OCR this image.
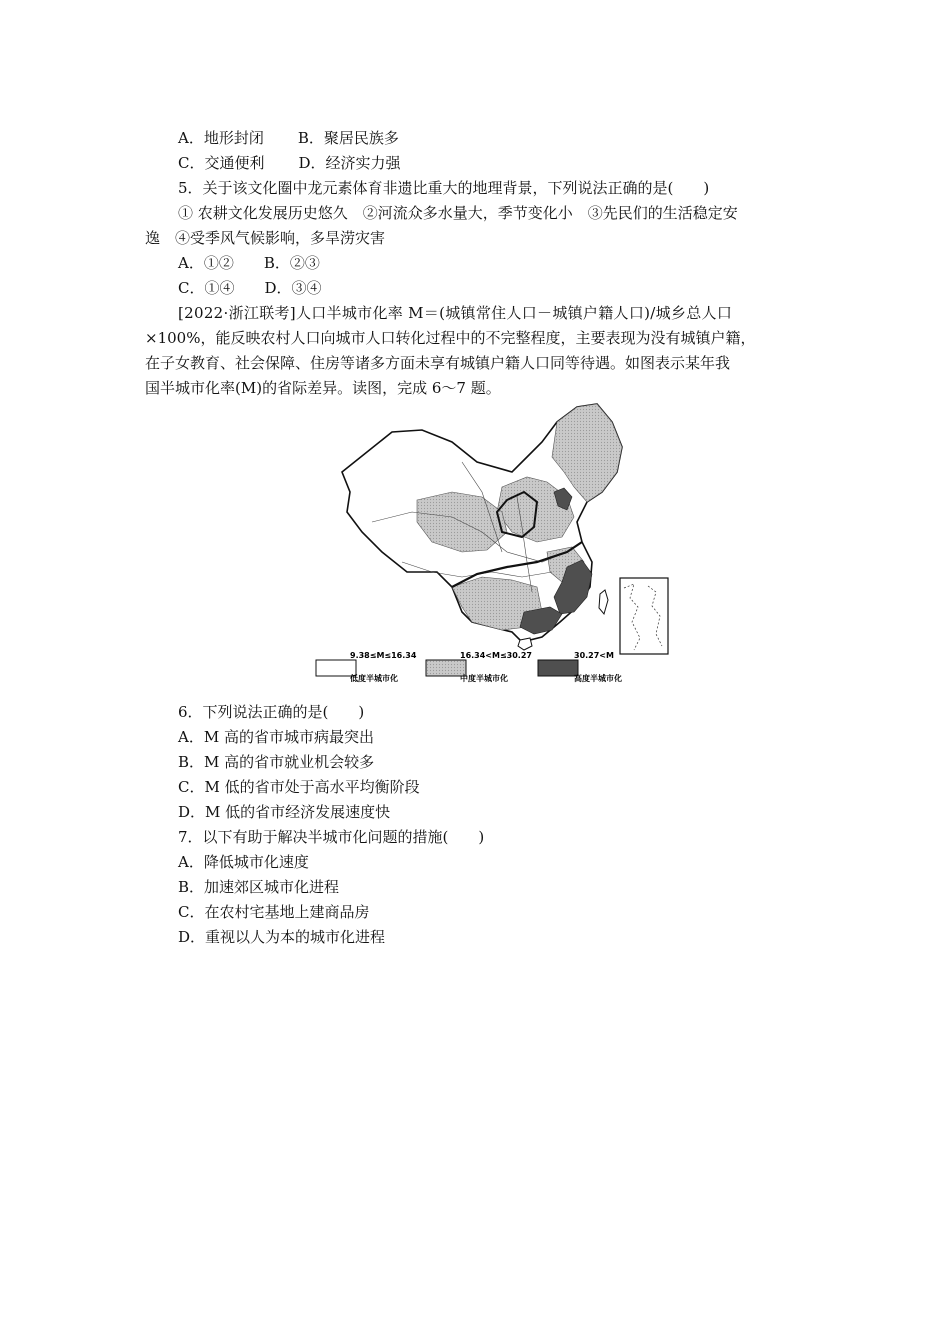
A．地形封闭 B．聚居民族多
C．交通便利 D．经济实力强
5．关于该文化圈中龙元素体育非遗比重大的地理背景，下列说法正确的是(　　)
① 农耕文化发展历史悠久　②河流众多水量大，季节变化小　③先民们的生活稳定安
逸　④受季风气候影响，多旱涝灾害
A．①② B．②③
C．①④ D．③④
[2022·浙江联考]人口半城市化率 M＝(城镇常住人口－城镇户籍人口)/城乡总人口
×100%，能反映农村人口向城市人口转化过程中的不完整程度，主要表现为没有城镇户籍，
在子女教育、社会保障、住房等诸多方面未享有城镇户籍人口同等待遇。如图表示某年我
国半城市化率(M)的省际差异。读图，完成 6～7 题。
9.38≤M≤16.34
低度半城市化
16.34<M≤30.27
中度半城市化
30.27<M
高度半城市化
6．下列说法正确的是(　　)
A．M 高的省市城市病最突出
B．M 高的省市就业机会较多
C．M 低的省市处于高水平均衡阶段
D．M 低的省市经济发展速度快
7．以下有助于解决半城市化问题的措施(　　)
A．降低城市化速度
B．加速郊区城市化进程
C．在农村宅基地上建商品房
D．重视以人为本的城市化进程
